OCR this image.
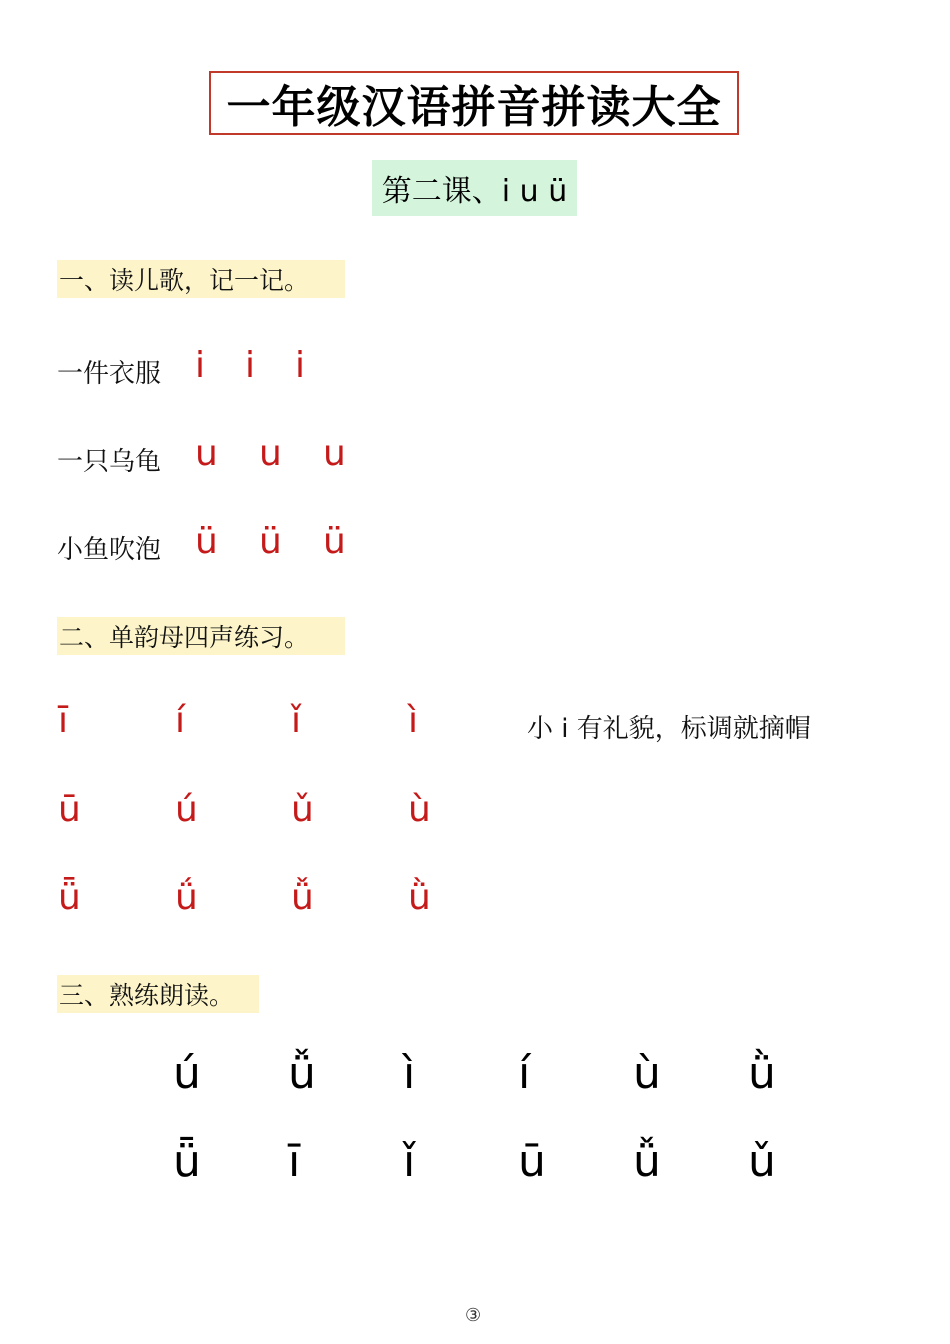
一年级汉语拼音拼读大全
第二课、i u ü
一、读儿歌，记一记。
一件衣服 i i i
一只乌龟 u u u
小鱼吹泡 ü ü ü
二、单韵母四声练习。
ī	í	ǐ	ì	小 i 有礼貌，标调就摘帽
ū	ú	ǔ	ù
ǖ	ǘ	ǚ	ǜ
三、熟练朗读。
ú ǚ ì í ù ǜ
ǖ ī ǐ ū ǚ ǔ
③
